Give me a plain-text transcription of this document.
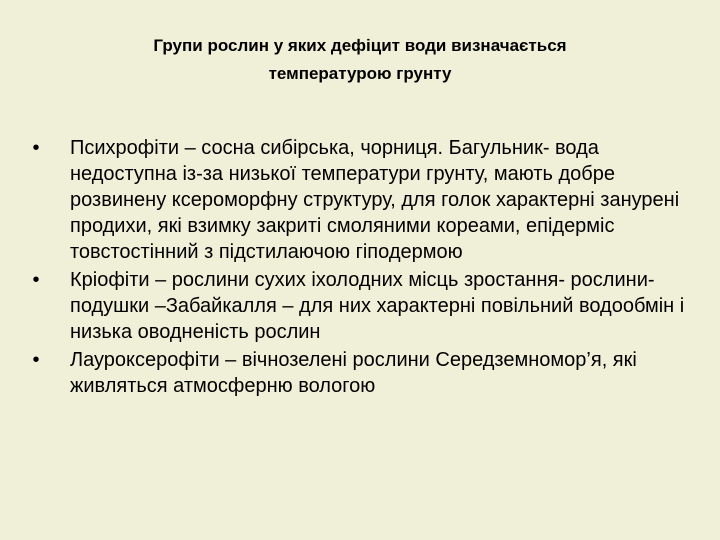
Групи рослин у яких дефіцит води визначається
температурою грунту
• Психрофіти – сосна сибірська, чорниця. Багульник- вода недоступна із-за низької температури грунту, мають добре розвинену ксероморфну структуру, для голок характерні занурені продихи, які взимку закриті смоляними кореами, епідерміс товстостінний з підстилаючою гіподермою
• Кріофіти – рослини сухих іхолодних місць зростання- рослини- подушки –Забайкалля – для них характерні повільний водообмін і низька оводненість рослин
• Лауроксерофіти – вічнозелені рослини Середземномор’я, які живляться атмосферню вологою
